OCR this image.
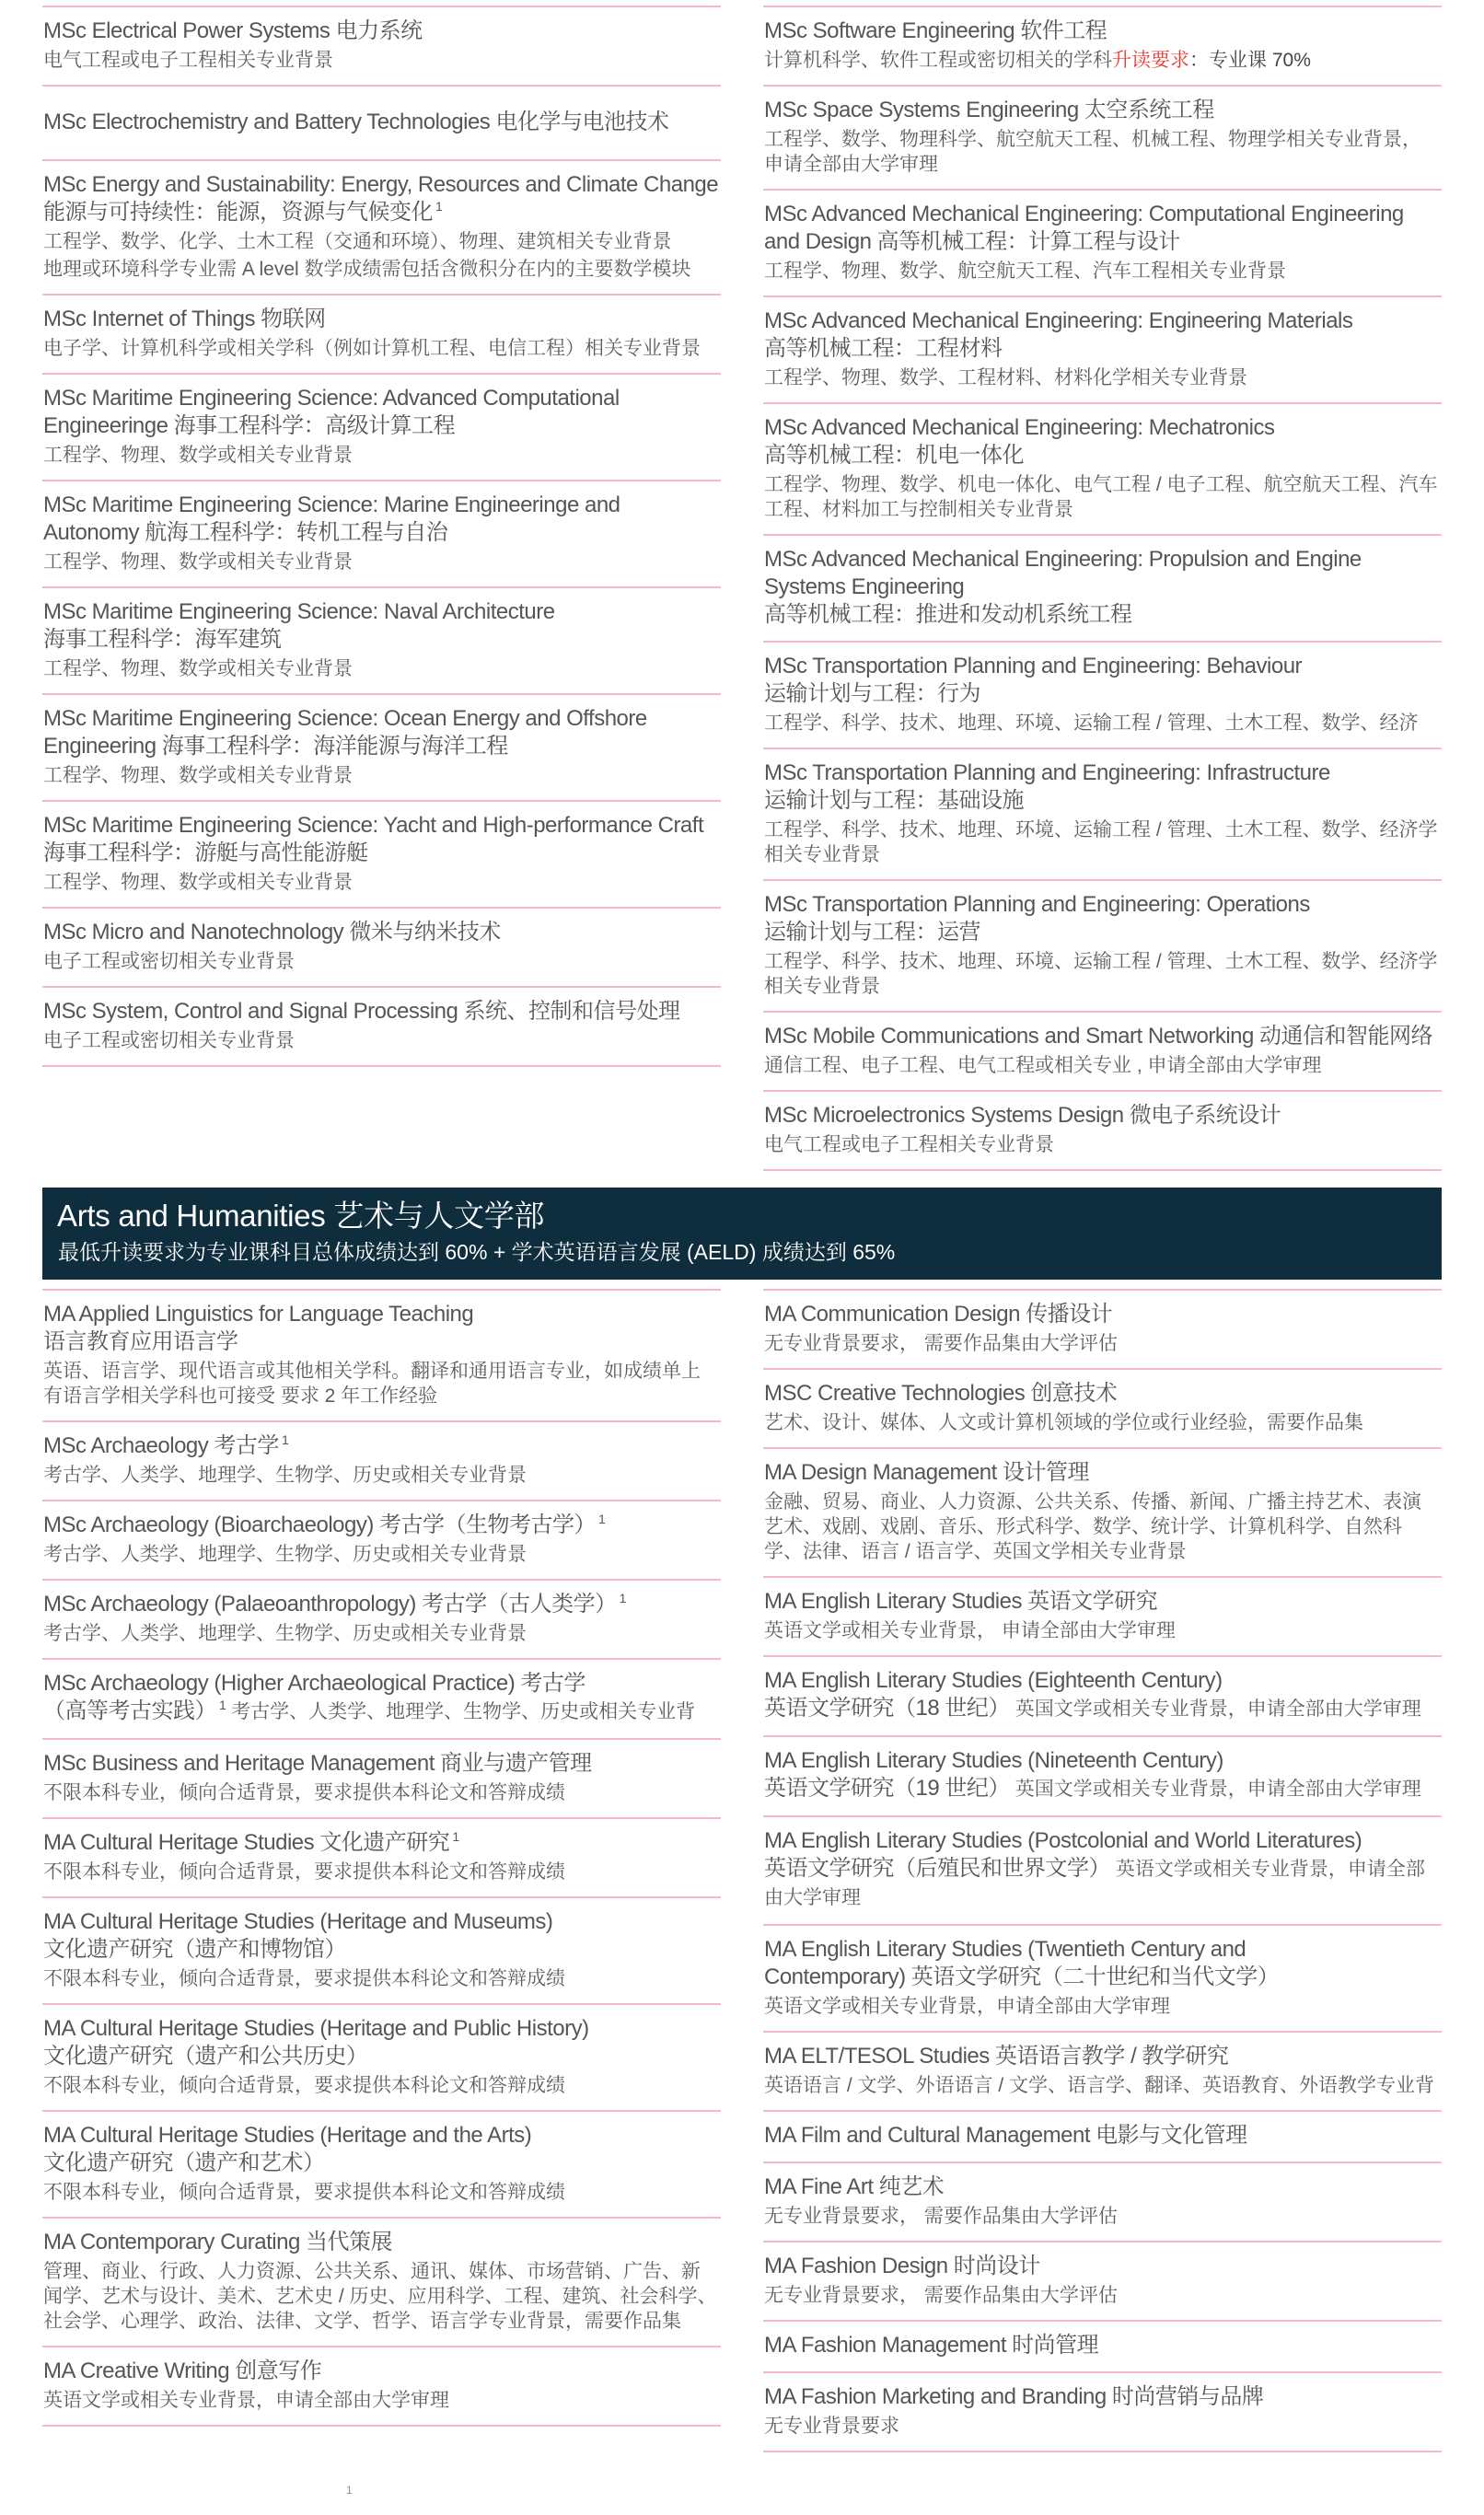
MSc Electrical Power Systems 电力系统

电气工程或电子工程相关专业背景

MSc Electrochemistry and Battery Technologies 电化学与电池技术
MSc Energy and Sustainability: Energy, Resources and Climate Change 能源与可持续性：能源，资源与气候变化 $^1$

工程学、数学、化学、土木工程（交通和环境）、物理、建筑相关专业背景

地理或环境科学专业需 A level 数学成绩需包括含微积分在内的主要数学模块

MSc Internet of Things 物联网

电子学、计算机科学或相关学科（例如计算机工程、电信工程）相关专业背景

MSc Maritime Engineering Science: Advanced Computational Engineeringe 海事工程科学：高级计算工程

工程学、物理、数学或相关专业背景

MSc Maritime Engineering Science: Marine Engineeringe and Autonomy 航海工程科学：转机工程与自治

工程学、物理、数学或相关专业背景

MSc Maritime Engineering Science: Naval Architecture
海事工程科学：海军建筑

工程学、物理、数学或相关专业背景

MSc Maritime Engineering Science: Ocean Energy and Offshore Engineering 海事工程科学：海洋能源与海洋工程

工程学、物理、数学或相关专业背景

MSc Maritime Engineering Science: Yacht and High-performance Craft 海事工程科学：游艇与高性能游艇

工程学、物理、数学或相关专业背景

MSc Micro and Nanotechnology 微米与纳米技术

电子工程或密切相关专业背景

MSc System, Control and Signal Processing 系统、控制和信号处理

电子工程或密切相关专业背景

MSc Software Engineering 软件工程

计算机科学、软件工程或密切相关的学科升读要求：专业课 70%

MSc Space Systems Engineering 太空系统工程

工程学、数学、物理科学、航空航天工程、机械工程、物理学相关专业背景，申请全部由大学审理

MSc Advanced Mechanical Engineering: Computational Engineering
and Design 高等机械工程：计算工程与设计

工程学、物理、数学、航空航天工程、汽车工程相关专业背景

MSc Advanced Mechanical Engineering: Engineering Materials
高等机械工程：工程材料

工程学、物理、数学、工程材料、材料化学相关专业背景

MSc Advanced Mechanical Engineering: Mechatronics
高等机械工程：机电一体化

工程学、物理、数学、机电一体化、电气工程 / 电子工程、航空航天工程、汽车工程、材料加工与控制相关专业背景

MSc Advanced Mechanical Engineering: Propulsion and Engine
Systems Engineering
高等机械工程：推进和发动机系统工程
MSc Transportation Planning and Engineering: Behaviour
运输计划与工程：行为

工程学、科学、技术、地理、环境、运输工程 / 管理、土木工程、数学、经济

MSc Transportation Planning and Engineering: Infrastructure
运输计划与工程：基础设施

工程学、科学、技术、地理、环境、运输工程 / 管理、土木工程、数学、经济学相关专业背景

MSc Transportation Planning and Engineering: Operations
运输计划与工程：运营

工程学、科学、技术、地理、环境、运输工程 / 管理、土木工程、数学、经济学相关专业背景

MSc Mobile Communications and Smart Networking 动通信和智能网络

通信工程、电子工程、电气工程或相关专业 , 申请全部由大学审理

MSc Microelectronics Systems Design 微电子系统设计

电气工程或电子工程相关专业背景

Arts and Humanities 艺术与人文学部

最低升读要求为专业课科目总体成绩达到 60% + 学术英语语言发展 (AELD) 成绩达到 65%

MA Applied Linguistics for Language Teaching
语言教育应用语言学

英语、语言学、现代语言或其他相关学科。翻译和通用语言专业，如成绩单上有语言学相关学科也可接受 要求 2 年工作经验

MSc Archaeology 考古学 $^1$

考古学、人类学、地理学、生物学、历史或相关专业背景

MSc Archaeology (Bioarchaeology) 考古学（生物考古学） $^1$

考古学、人类学、地理学、生物学、历史或相关专业背景

MSc Archaeology (Palaeoanthropology) 考古学（古人类学） $^1$

考古学、人类学、地理学、生物学、历史或相关专业背景

MSc Archaeology (Higher Archaeological Practice) 考古学
（高等考古实践） $^1$ 考古学、人类学、地理学、生物学、历史或相关专业背
MSc Business and Heritage Management 商业与遗产管理

不限本科专业，倾向合适背景，要求提供本科论文和答辩成绩

MA Cultural Heritage Studies 文化遗产研究 $^1$

不限本科专业，倾向合适背景，要求提供本科论文和答辩成绩

MA Cultural Heritage Studies (Heritage and Museums)
文化遗产研究（遗产和博物馆）

不限本科专业，倾向合适背景，要求提供本科论文和答辩成绩

MA Cultural Heritage Studies (Heritage and Public History)
文化遗产研究（遗产和公共历史）

不限本科专业，倾向合适背景，要求提供本科论文和答辩成绩

MA Cultural Heritage Studies (Heritage and the Arts)
文化遗产研究（遗产和艺术）

不限本科专业，倾向合适背景，要求提供本科论文和答辩成绩

MA Contemporary Curating 当代策展

管理、商业、行政、人力资源、公共关系、通讯、媒体、市场营销、广告、新闻学、艺术与设计、美术、艺术史 / 历史、应用科学、工程、建筑、社会科学、社会学、心理学、政治、法律、文学、哲学、语言学专业背景，需要作品集

MA Creative Writing 创意写作

英语文学或相关专业背景，申请全部由大学审理

MA Communication Design 传播设计

无专业背景要求， 需要作品集由大学评估

MSC Creative Technologies 创意技术

艺术、设计、媒体、人文或计算机领域的学位或行业经验，需要作品集

MA Design Management 设计管理

金融、贸易、商业、人力资源、公共关系、传播、新闻、广播主持艺术、表演艺术、戏剧、戏剧、音乐、形式科学、数学、统计学、计算机科学、自然科学、法律、语言 / 语言学、英国文学相关专业背景

MA English Literary Studies 英语文学研究

英语文学或相关专业背景， 申请全部由大学审理

MA English Literary Studies (Eighteenth Century)
英语文学研究（18 世纪） 英国文学或相关专业背景，申请全部由大学审理
MA English Literary Studies (Nineteenth Century)
英语文学研究（19 世纪） 英国文学或相关专业背景，申请全部由大学审理
MA English Literary Studies (Postcolonial and World Literatures)
英语文学研究（后殖民和世界文学） 英语文学或相关专业背景，申请全部由大学审理
MA English Literary Studies (Twentieth Century and
Contemporary) 英语文学研究（二十世纪和当代文学）

英语文学或相关专业背景，申请全部由大学审理

MA ELT/TESOL Studies 英语语言教学 / 教学研究

英语语言 / 文学、外语语言 / 文学、语言学、翻译、英语教育、外语教学专业背

MA Film and Cultural Management 电影与文化管理
MA Fine Art 纯艺术

无专业背景要求， 需要作品集由大学评估

MA Fashion Design 时尚设计

无专业背景要求， 需要作品集由大学评估

MA Fashion Management 时尚管理
MA Fashion Marketing and Branding 时尚营销与品牌

无专业背景要求

1
